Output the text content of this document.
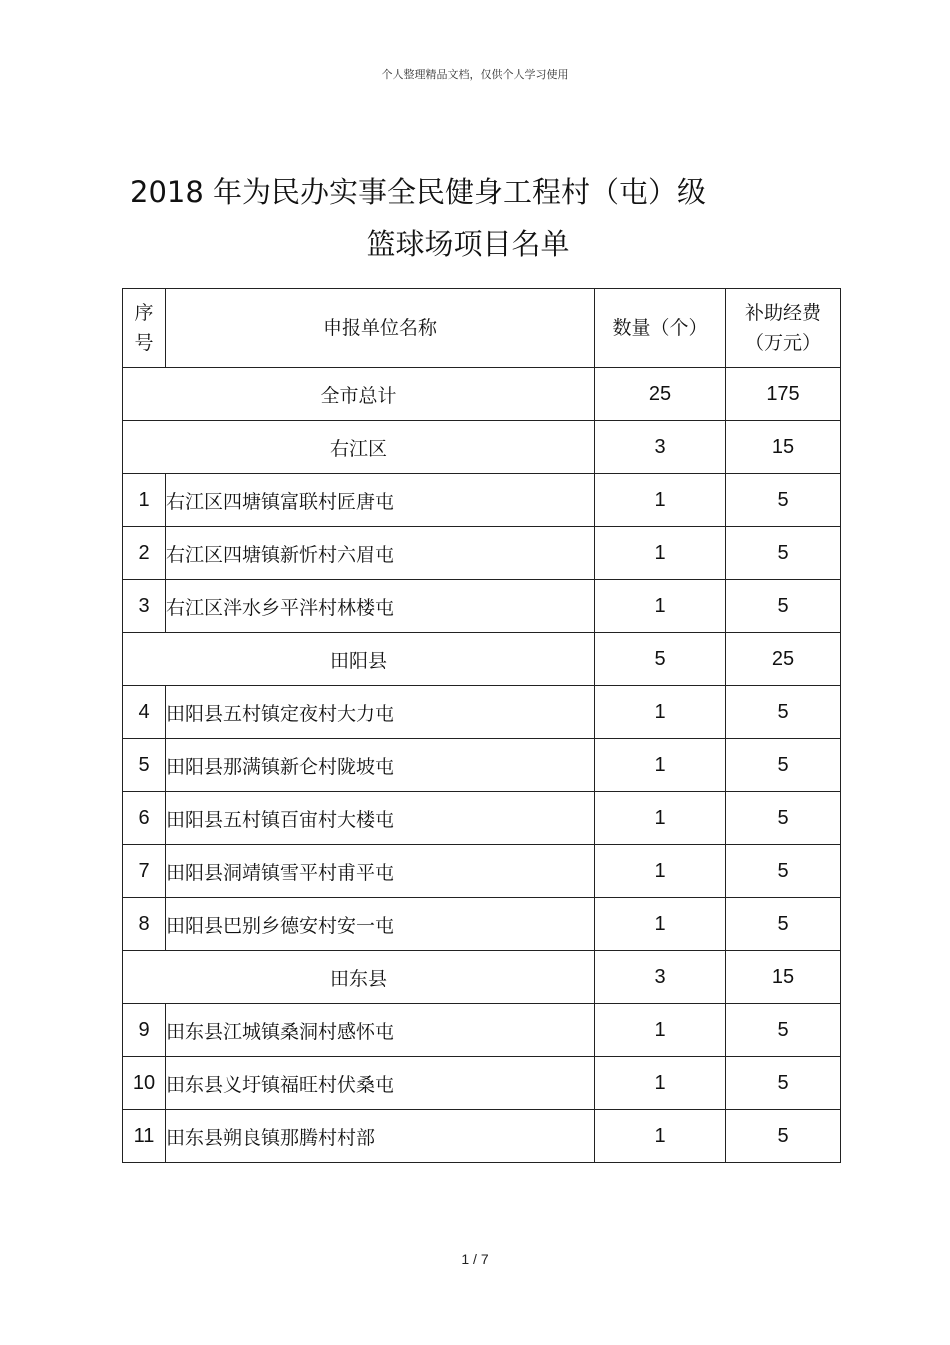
个人整理精品文档，仅供个人学习使用
2018 年为民办实事全民健身工程村（屯）级
篮球场项目名单
序号	申报单位名称	数量（个）	补助经费
（万元）

全市总计		25	175
右江区		3	15
1	右江区四塘镇富联村匠唐屯	1	5
2	右江区四塘镇新忻村六眉屯	1	5
3	右江区泮水乡平泮村林楼屯	1	5
田阳县		5	25
4	田阳县五村镇定夜村大力屯	1	5
5	田阳县那满镇新仑村陇坡屯	1	5
6	田阳县五村镇百宙村大楼屯	1	5
7	田阳县洞靖镇雪平村甫平屯	1	5
8	田阳县巴别乡德安村安一屯	1	5
田东县		3	15
9	田东县江城镇桑洞村感怀屯	1	5
10	田东县义圩镇福旺村伏桑屯	1	5
11	田东县朔良镇那腾村村部	1	5
1 / 7
